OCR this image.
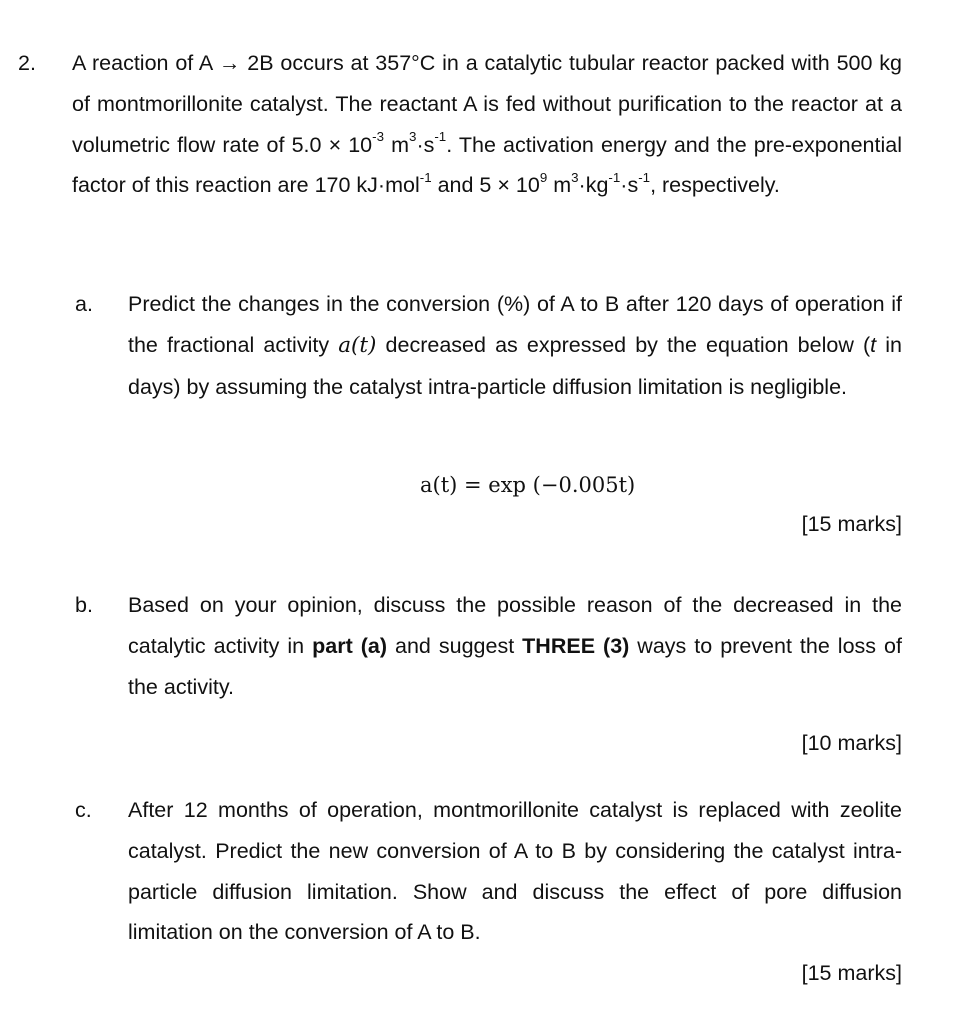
2. A reaction of A → 2B occurs at 357°C in a catalytic tubular reactor packed with 500 kg of montmorillonite catalyst. The reactant A is fed without purification to the reactor at a volumetric flow rate of $5.0 \times 10^{-3}$ $m^3\cdot s^{-1}$. The activation energy and the pre-exponential factor of this reaction are 170 kJ·mol$^{-1}$ and $5 \times 10^9$ $m^3\cdot kg^{-1}\cdot s^{-1}$, respectively.
a. Predict the changes in the conversion (%) of A to B after 120 days of operation if the fractional activity a(t) decreased as expressed by the equation below (t in days) by assuming the catalyst intra-particle diffusion limitation is negligible.
a(t) = exp (−0.005t)
[15 marks]
b. Based on your opinion, discuss the possible reason of the decreased in the catalytic activity in part (a) and suggest THREE (3) ways to prevent the loss of the activity.
[10 marks]
c. After 12 months of operation, montmorillonite catalyst is replaced with zeolite catalyst. Predict the new conversion of A to B by considering the catalyst intra-particle diffusion limitation. Show and discuss the effect of pore diffusion limitation on the conversion of A to B.
[15 marks]
